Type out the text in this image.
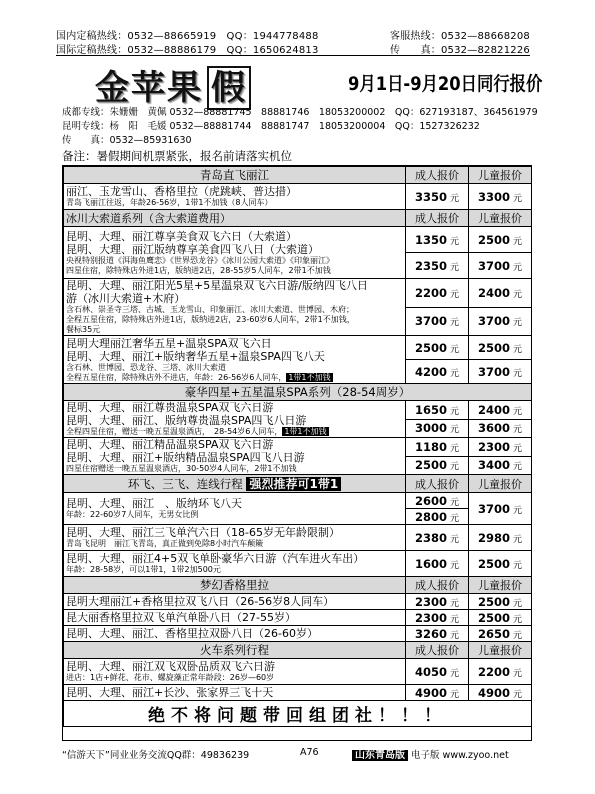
国内定稿热线：0532—88665919　QQ：1944778488
国际定稿热线：0532—88886179　QQ：1650624813
客服热线：0532—88668208
传　　真：0532—82821226
金苹果 假	9月1日-9月20日同行报价
成都专线：朱姗姗　黄佩 0532—88881745　88881746　18053200002　QQ：627193187、364561979
昆明专线：杨　阳　毛媛 0532—88881744　88881747　18053200004　QQ：1527326232
传　　真：0532—85931630
备注：暑假期间机票紧张，报名前请落实机位
青岛直飞丽江	成人报价	儿童报价

丽江、玉龙雪山、香格里拉（虎跳峡、普达措）
青岛飞丽江往返，年龄26-56岁，1带1不加钱（8人同车）	3350 元	3300 元
冰川大索道系列（含大索道费用）	成人报价	儿童报价

昆明、大理、丽江尊享美食双飞六日（大索道）
昆明、大理、丽江版纳尊享美食四飞八日（大索道）
央视特别报道《洱海鱼鹰恋》《世界恐龙谷》《冰川公园大索道》《印象丽江》
四星住宿，除特殊店外进1店，版纳进2店，28-55岁5人同车，2带1不加钱	1350 元	2500 元
	2350 元	3700 元

昆明、大理、丽江阳光5星+5星温泉双飞六日游/版纳四飞八日
游（冰川大索道+木府）
含石林、崇圣寺三塔、古城、玉龙雪山、印象丽江、冰川大索道、世博园、木府；
全程五星住宿，除特殊店外进1店，版纳进2店，23-60岁6人同车，2带1不加钱，
餐标35元	2200 元	2400 元
	3700 元	3700 元

昆明大理丽江奢华五星+温泉SPA双飞六日
昆明、大理、丽江+版纳奢华五星+温泉SPA四飞八天
含石林、世博园、恐龙谷、三塔、冰川大索道
全程五星住宿，除特殊店外不进店，年龄：26-56岁6人同车， 1带1不加钱	2500 元	2500 元
	4200 元	3700 元
豪华四星+五星温泉SPA系列（28-54周岁）		

昆明、大理、丽江尊贵温泉SPA双飞六日游
昆明、大理、丽江、版纳尊贵温泉SPA四飞八日游
全程四星住宿，赠送一晚五星温泉酒店，　28-54岁6人同车， 1带1不加钱	1650 元	2400 元
	3000 元	3600 元

昆明、大理、丽江精品温泉SPA双飞六日游
昆明、大理、丽江+版纳精品温泉SPA四飞八日游
四星住宿赠送一晚五星温泉酒店，30-50岁4人同车，2带1不加钱	1180 元	2300 元
	2500 元	3400 元
环飞、三飞、连线行程 强烈推荐可1带1	成人报价	儿童报价

昆明、大理、丽江　、版纳环飞八天
年龄：22-60岁7人同车，无男女比例	2600 元	3700 元
	2800 元	

昆明、大理、丽江三飞单汽六日（18-65岁无年龄限制）
青岛飞昆明　丽江飞青岛，真正做到免除8小时汽车颠簸	2380 元	2980 元

昆明、大理、丽江4+5双飞单卧豪华六日游（汽车进火车出）
年龄：28-58岁，可以1带1，1带2加500元	1600 元	2500 元
梦幻香格里拉	成人报价	儿童报价

昆明大理丽江+香格里拉双飞八日（26-56岁8人同车）	2300 元	2500 元

昆大丽香格里拉双飞单汽单卧八日（27-55岁）	2300 元	2500 元

昆明、大理、丽江、香格里拉双卧八日（26-60岁）	3260 元	2650 元
火车系列行程	成人报价	儿童报价

昆明、大理、丽江双飞双卧品质双飞六日游
进店：1店+鲜花、花市、螺旋藻正常年龄段：26岁—60岁	4050 元	2200 元

昆明、大理、丽江+长沙、张家界三飞十天	4900 元	4900 元
绝不将问题带回组团社！！！		
“信游天下”同业业务交流QQ群：49836239	A76	山东青岛版 电子版 www.zyoo.net
